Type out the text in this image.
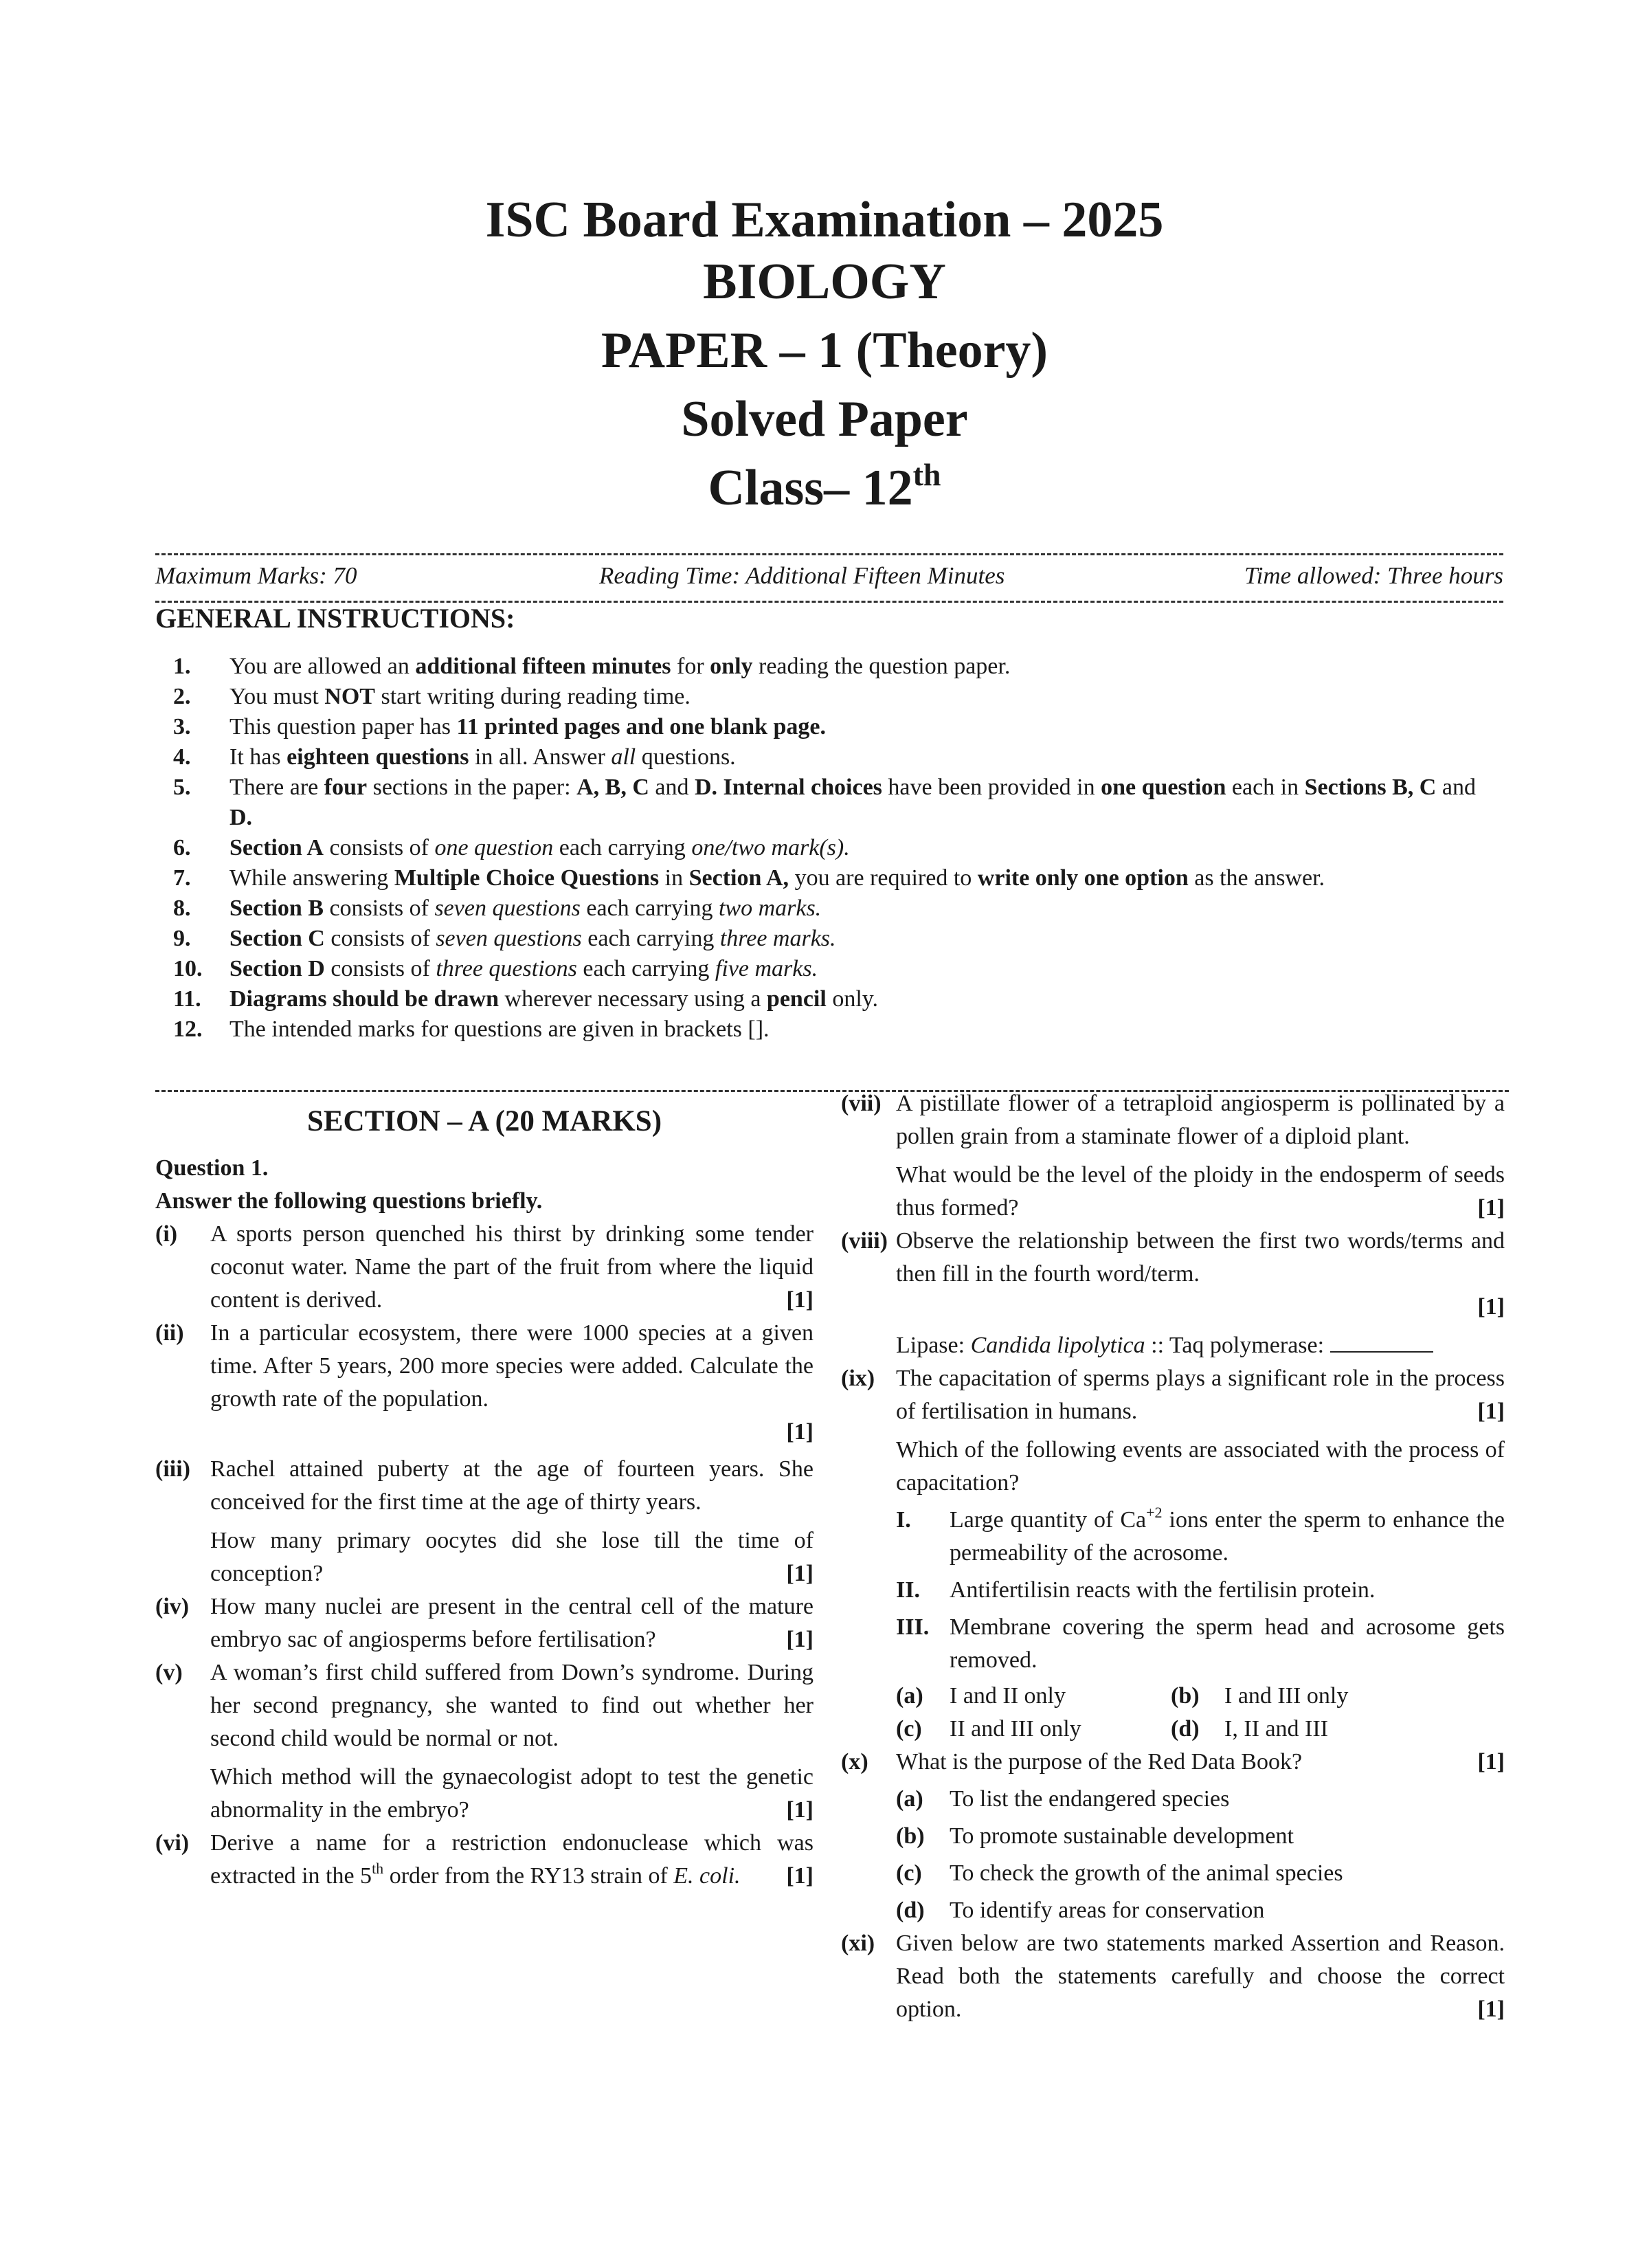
ISC Board Examination – 2025
BIOLOGY
PAPER – 1 (Theory)
Solved Paper
Class– 12th
Maximum Marks: 70	Reading Time: Additional Fifteen Minutes	Time allowed: Three hours
GENERAL INSTRUCTIONS:
1. You are allowed an additional fifteen minutes for only reading the question paper.
2. You must NOT start writing during reading time.
3. This question paper has 11 printed pages and one blank page.
4. It has eighteen questions in all. Answer all questions.
5. There are four sections in the paper: A, B, C and D. Internal choices have been provided in one question each in Sections B, C and D.
6. Section A consists of one question each carrying one/two mark(s).
7. While answering Multiple Choice Questions in Section A, you are required to write only one option as the answer.
8. Section B consists of seven questions each carrying two marks.
9. Section C consists of seven questions each carrying three marks.
10. Section D consists of three questions each carrying five marks.
11. Diagrams should be drawn wherever necessary using a pencil only.
12. The intended marks for questions are given in brackets [].
SECTION – A (20 MARKS)
Question 1.
Answer the following questions briefly.
(i) A sports person quenched his thirst by drinking some tender coconut water. Name the part of the fruit from where the liquid content is derived.	[1]

(ii) In a particular ecosystem, there were 1000 species at a given time. After 5 years, 200 more species were added. Calculate the growth rate of the population.

[1]
(iii) Rachel attained puberty at the age of fourteen years. She conceived for the first time at the age of thirty years.

How many primary oocytes did she lose till the time of conception?	[1]

(iv) How many nuclei are present in the central cell of the mature embryo sac of angiosperms before fertilisation?	[1]

(v) A woman’s first child suffered from Down’s syndrome. During her second pregnancy, she wanted to find out whether her second child would be normal or not.

Which method will the gynaecologist adopt to test the genetic abnormality in the embryo?	[1]

(vi) Derive a name for a restriction endonuclease which was extracted in the 5th order from the RY13 strain of E. coli. [1]

(vii) A pistillate flower of a tetraploid angiosperm is pollinated by a pollen grain from a staminate flower of a diploid plant.

What would be the level of the ploidy in the endosperm of seeds thus formed?	[1]

(viii) Observe the relationship between the first two words/terms and then fill in the fourth word/term.

[1]

Lipase: Candida lipolytica :: Taq polymerase:

(ix) The capacitation of sperms plays a significant role in the process of fertilisation in humans.	[1]

Which of the following events are associated with the process of capacitation?

I. Large quantity of $Ca^{+2}$ ions enter the sperm to enhance the permeability of the acrosome.
II. Antifertilisin reacts with the fertilisin protein.
III. Membrane covering the sperm head and acrosome gets removed.
(a) I and II only	(b) I and III only
(c) II and III only	(d) I, II and III
(x) What is the purpose of the Red Data Book?	[1]

(a) To list the endangered species
(b) To promote sustainable development
(c) To check the growth of the animal species
(d) To identify areas for conservation
(xi) Given below are two statements marked Assertion and Reason. Read both the statements carefully and choose the correct option.	[1]
